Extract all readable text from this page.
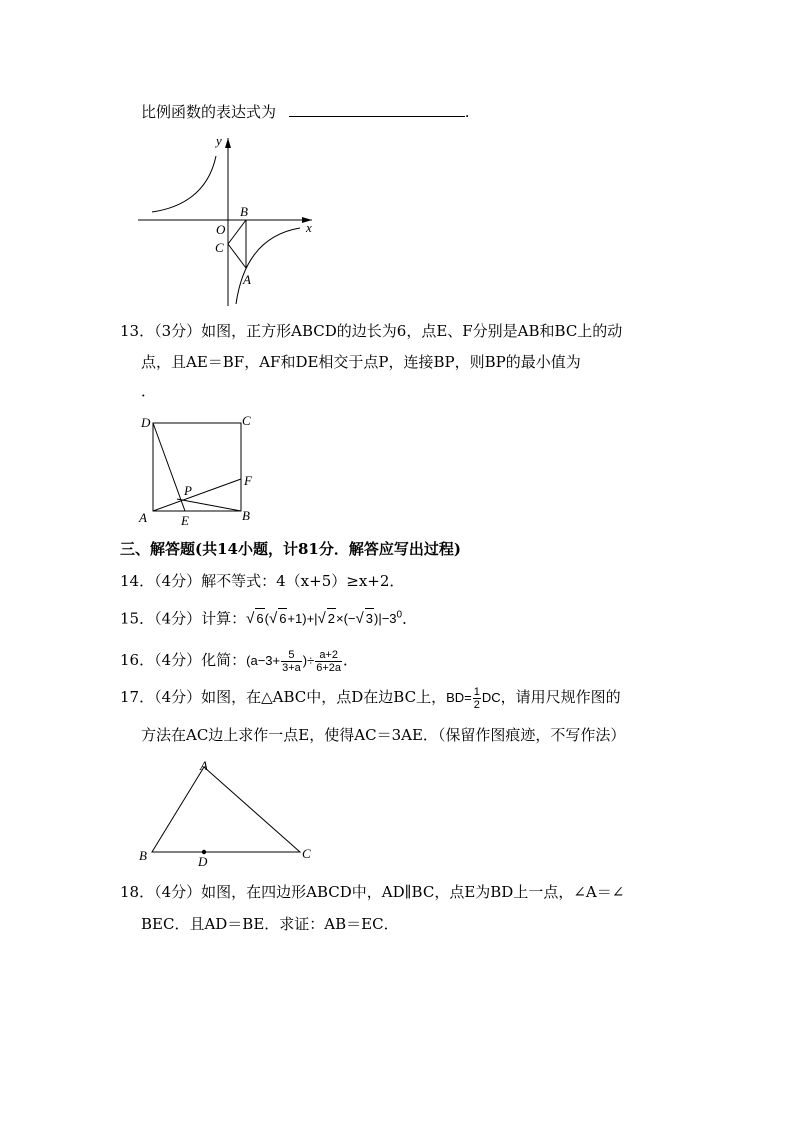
比例函数的表达式为	.
y
x
O
B
C
A
13．（3分）如图，正方形ABCD的边长为6，点E、F分别是AB和BC上的动
点，且AE＝BF，AF和DE相交于点P，连接BP，则BP的最小值为
．
D	C
F
P
A	E	B
三、解答题(共14小题，计81分．解答应写出过程)
14．（4分）解不等式：4（x+5）≥x+2．
15．（4分）计算：√ 6(√ 6+1)+|√ 2×(−√ $3)|-3^0$．
16．（4分）化简：($a-3+ \frac{5}{3+a}$ )÷ $\frac{a+2}{6+2a}$ ．
17．（4分）如图，在△ABC中，点D在边BC上，$BD= \frac{1}{2}$ DC，请用尺规作图的
方法在AC边上求作一点E，使得AC＝3AE．（保留作图痕迹，不写作法）
A
B	D
C
18．（4分）如图，在四边形ABCD中，AD∥BC，点E为BD上一点，∠A＝∠
BEC．且AD＝BE．求证：AB＝EC．
